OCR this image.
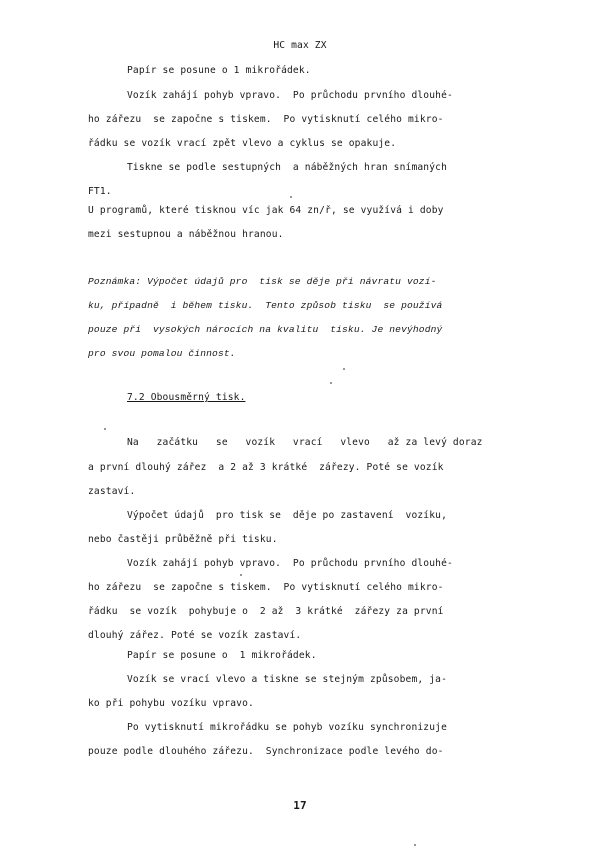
HC max ZX
Papír se posune o 1 mikrořádek.
Vozík zahájí pohyb vpravo.  Po průchodu prvního dlouhé-
ho zářezu  se započne s tiskem.  Po vytisknutí celého mikro-
řádku se vozík vrací zpět vlevo a cyklus se opakuje.
Tiskne se podle sestupných  a náběžných hran snímaných
FT1.
U programů, které tisknou víc jak 64 zn/ř, se využívá i doby
mezi sestupnou a náběžnou hranou.
Poznámka: Výpočet údajů pro  tisk se děje při návratu vozí-
ku, případně  i během tisku.  Tento způsob tisku  se používá
pouze při  vysokých nárocích na kvalitu  tisku. Je nevýhodný
pro svou pomalou činnost.
7.2 Obousměrný tisk.
Na   začátku   se   vozík   vrací   vlevo   až za levý doraz
a první dlouhý zářez  a 2 až 3 krátké  zářezy. Poté se vozík
zastaví.
Výpočet údajů  pro tisk se  děje po zastavení  vozíku,
nebo častěji průběžně při tisku.
Vozík zahájí pohyb vpravo.  Po průchodu prvního dlouhé-
ho zářezu  se započne s tiskem.  Po vytisknutí celého mikro-
řádku  se vozík  pohybuje o  2 až  3 krátké  zářezy za první
dlouhý zářez. Poté se vozík zastaví.
Papír se posune o  1 mikrořádek.
Vozík se vrací vlevo a tiskne se stejným způsobem, ja-
ko při pohybu vozíku vpravo.
Po vytisknutí mikrořádku se pohyb vozíku synchronizuje
pouze podle dlouhého zářezu.  Synchronizace podle levého do-
17
